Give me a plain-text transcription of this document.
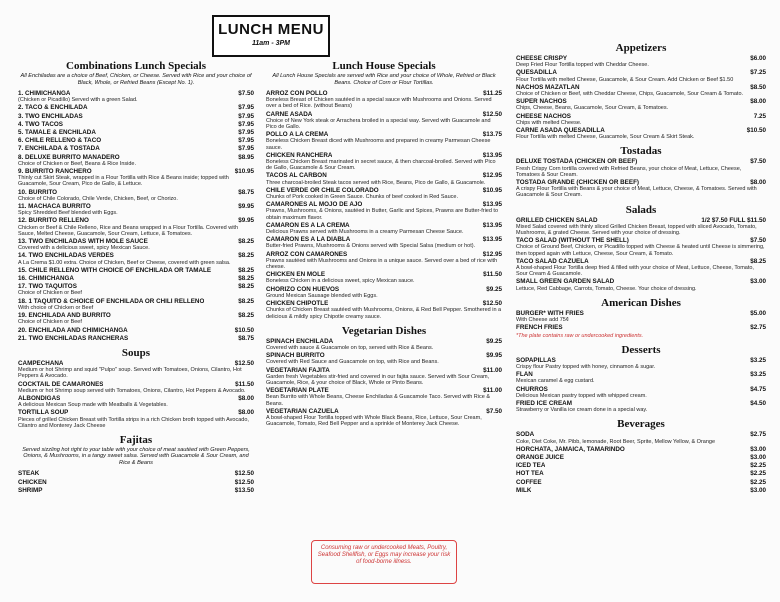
LUNCH MENU
11am - 3PM
Combinations Lunch Specials
All Enchiladas are a choice of Beef, Chicken, or Cheese. Served with Rice and your choice of Black, Whole, or Refried Beans (Except No. 1).
1. CHIMICHANGA	$7.50
(Chicken or Picadillo) Served with a green Salad.
2. TACO & ENCHILADA	$7.95
3. TWO ENCHILADAS	$7.95
4. TWO TACOS	$7.95
5. TAMALE & ENCHILADA	$7.95
6. CHILE RELLENO & TACO	$7.95
7. ENCHILADA & TOSTADA	$7.95
8. DELUXE BURRITO MANADERO	$8.95
Choice of Chicken or Beef, Beans & Rice Inside.
9. BURRITO RANCHERO	$10.95
Thinly cut Skirt Steak, wrapped in a Flour Tortilla with Rice & Beans inside; topped with Guacamole, Sour Cream, Pico de Gallo, & Lettuce.
10. BURRITO	$8.75
Choice of Chile Colorado, Chile Verde, Chicken, Beef, or Chorizo.
11. MACHACA BURRITO	$9.95
Spicy Shredded Beef blended with Eggs.
12. BURRITO RELLENO	$9.95
Chicken or Beef & Chile Relleno, Rice and Beans wrapped in a Flour Tortilla. Covered with Sauce, Melted Cheese, Guacamole, Sour Cream, Lettuce, & Tomatoes.
13. TWO ENCHILADAS WITH MOLE SAUCE	$8.25
Covered with a delicious sweet, spicy Mexican Sauce.
14. TWO ENCHILADAS VERDES	$8.25
A La Crema $1.00 extra. Choice of Chicken, Beef or Cheese, covered with green salsa.
15. CHILE RELLENO WITH CHOICE OF ENCHILADA OR TAMALE	$8.25
16. CHIMICHANGA	$8.25
17. TWO TAQUITOS	$8.25
Choice of Chicken or Beef
18. 1 TAQUITO & CHOICE OF ENCHILADA OR CHILI RELLENO	$8.25
With choice of Chicken or Beef
19. ENCHILADA AND BURRITO	$8.25
Choice of Chicken or Beef
20. ENCHILADA AND CHIMICHANGA	$10.50
21. TWO ENCHILADAS RANCHERAS	$8.75
Soups
CAMPECHANA	$12.50
Medium or hot Shrimp and squid "Pulpo" soup. Served with Tomatoes, Onions, Cilantro, Hot Peppers & Avocado.
COCKTAIL DE CAMARONES	$11.50
Medium or hot Shrimp soup served with Tomatoes, Onions, Cilantro, Hot Peppers & Avocado.
ALBONDIGAS	$8.00
A delicious Mexican Soup made with Meatballs & Vegetables.
TORTILLA SOUP	$8.00
Pieces of grilled Chicken Breast with Tortilla strips in a rich Chicken broth topped with Avocado, Cilantro and Monterey Jack Cheese
Fajitas
Served sizzling hot right to your table with your choice of meat sautéed with Green Peppers, Onions, & Mushrooms, in a tangy sweet salsa. Served with Guacamole & Sour Cream, and Rice & Beans
STEAK	$12.50
CHICKEN	$12.50
SHRIMP	$13.50
Lunch House Specials
All Lunch House Specials are served with Rice and your choice of Whole, Refried or Black Beans. Choice of Corn or Flour Tortillas.
ARROZ CON POLLO	$11.25
Boneless Breast of Chicken sautéed in a special sauce with Mushrooms and Onions. Served over a bed of Rice. (without Beans)
CARNE ASADA	$12.50
Choice of New York steak or Arrachera broiled in a special way. Served with Guacamole and Pico de Gallo.
POLLO A LA CREMA	$13.75
Boneless Chicken Breast diced with Mushrooms and prepared in creamy Parmesan Cheese sauce.
CHICKEN RANCHERA	$13.95
Boneless Chicken Breast marinated in secret sauce, & then charcoal-broiled. Served with Pico de Gallo, Guacamole & Sour Cream.
TACOS AL CARBON	$12.95
Three charcoal-broiled Steak tacos served with Rice, Beans, Pico de Gallo, & Guacamole.
CHILE VERDE OR CHILE COLORADO	$10.95
Chunks of Pork cooked in Green Sauce. Chunks of beef cooked in Red Sauce.
CAMARONES AL MOJO DE AJO	$13.95
Prawns, Mushrooms, & Onions, sautéed in Butter, Garlic and Spices, Prawns are Butter-fried to obtain maximum flavor.
CAMARON ES A LA CREMA	$13.95
Delicious Prawns served with Mushrooms in a creamy Parmesan Cheese Sauce.
CAMARON ES A LA DIABLA	$13.95
Butter-fried Prawns, Mushrooms & Onions served with Special Salsa (medium or hot).
ARROZ CON CAMARONES	$12.95
Prawns sautéed with Mushrooms and Onions in a unique sauce. Served over a bed of rice with cheese.
CHICKEN EN MOLE	$11.50
Boneless Chicken in a delicious sweet, spicy Mexican sauce.
CHORIZO CON HUEVOS	$9.25
Ground Mexican Sausage blended with Eggs.
CHICKEN CHIPOTLE	$12.50
Chunks of Chicken Breast sautéed with Mushrooms, Onions, & Red Bell Pepper. Smothered in a delicious & mildly spicy Chipotle creamy sauce.
Vegetarian Dishes
SPINACH ENCHILADA	$9.25
Covered with sauce & Guacamole on top, served with Rice & Beans.
SPINACH BURRITO	$9.95
Covered with Red Sauce and Guacamole on top, with Rice and Beans.
VEGETARIAN FAJITA	$11.00
Garden fresh Vegetables stir-fried and covered in our fajita sauce. Served with Sour Cream, Guacamole, Rice, & your choice of Black, Whole or Pinto Beans.
VEGETARIAN PLATE	$11.00
Bean Burrito with Whole Beans, Cheese Enchiladas & Guacamole Taco. Served with Rice & Beans.
VEGETARIAN CAZUELA	$7.50
A bowl-shaped Flour Tortilla topped with Whole Black Beans, Rice, Lettuce, Sour Cream, Guacamole, Tomato, Red Bell Pepper and a sprinkle of Monterey Jack Cheese.
Appetizers
CHEESE CRISPY	$6.00
Deep Fried Flour Tortilla topped with Cheddar Cheese.
QUESADILLA	$7.25
Flour Tortilla with melted Cheese, Guacamole, & Sour Cream. Add Chicken or Beef $1.50
NACHOS MAZATLAN	$8.50
Choice of Chicken or Beef, with Cheddar Cheese, Chips, Guacamole, Sour Cream & Tomato.
SUPER NACHOS	$8.00
Chips, Cheese, Beans, Guacamole, Sour Cream, & Tomatoes.
CHEESE NACHOS	7.25
Chips with melted Cheese.
CARNE ASADA QUESADILLA	$10.50
Flour Tortilla with melted Cheese, Guacamole, Sour Cream & Skirt Steak.
Tostadas
DELUXE TOSTADA (CHICKEN OR BEEF)	$7.50
Fresh Crispy Corn tortilla covered with Refried Beans, your choice of Meat, Lettuce, Cheese, Tomatoes & Sour Cream.
TOSTADA GRANDE (CHICKEN OR BEEF)	$8.00
A crispy Flour Tortilla with Beans & your choice of Meat, Lettuce, Cheese, & Tomatoes. Served with Guacamole & Sour Cream.
Salads
GRILLED CHICKEN SALAD	1/2 $7.50 FULL $11.50
Mixed Salad covered with thinly sliced Grilled Chicken Breast, topped with sliced Avocado, Tomato, Mushrooms, & grated Cheese. Served with your choice of dressing.
TACO SALAD (WITHOUT THE SHELL)	$7.50
Choice of Ground Beef, Chicken, or Picadillo topped with Cheese & heated until Cheese is simmering, then topped again with Lettuce, Cheese, Sour Cream, & Tomato.
TACO SALAD CAZUELA	$8.25
A bowl-shaped Flour Tortilla deep fried & filled with your choice of Meat, Lettuce, Cheese, Tomato, Sour Cream & Guacamole.
SMALL GREEN GARDEN SALAD	$3.00
Lettuce, Red Cabbage, Carrots, Tomato, Cheese. Your choice of dressing.
American Dishes
BURGER* WITH FRIES	$5.00
With Cheese add 75¢
FRENCH FRIES	$2.75
*The plate contains raw or undercooked ingredients.
Desserts
SOPAPILLAS	$3.25
Crispy flour Pastry topped with honey, cinnamon & sugar.
FLAN	$3.25
Mexican caramel & egg custard.
CHURROS	$4.75
Delicious Mexican pastry topped with whipped cream.
FRIED ICE CREAM	$4.50
Strawberry or Vanilla ice cream done in a special way.
Beverages
SODA	$2.75
Coke, Diet Coke, Mr. Pibb, lemonade, Root Beer, Sprite, Mellow Yellow, & Orange
HORCHATA, JAMAICA, TAMARINDO	$3.00
ORANGE JUICE	$3.00
ICED TEA	$2.25
HOT TEA	$2.25
COFFEE	$2.25
MILK	$3.00
Consuming raw or undercooked Meats, Poultry, Seafood Shellfish, or Eggs may increase your risk of food-borne illness.
